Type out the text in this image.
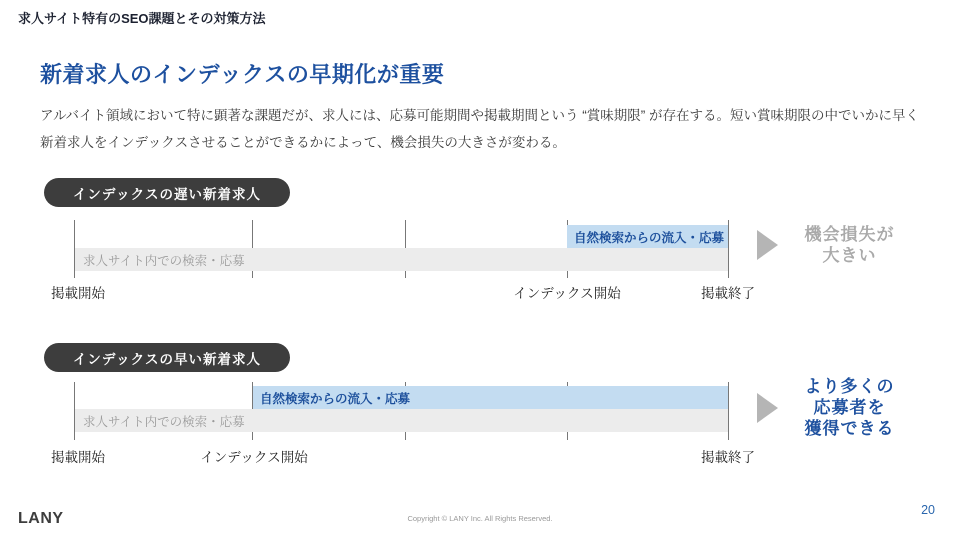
求人サイト特有のSEO課題とその対策方法
新着求人のインデックスの早期化が重要

アルバイト領域において特に顕著な課題だが、求人には、応募可能期間や掲載期間という “賞味期限” が存在する。短い賞味期限の中でいかに早く新着求人をインデックスさせることができるかによって、機会損失の大きさが変わる。

インデックスの遅い新着求人
自然検索からの流入・応募
求人サイト内での検索・応募
掲載開始	インデックス開始	掲載終了
機会損失が
大きい
インデックスの早い新着求人
自然検索からの流入・応募
求人サイト内での検索・応募
掲載開始	インデックス開始	掲載終了
より多くの
応募者を
獲得できる
LANY	Copyright © LANY Inc. All Rights Reserved.
20
